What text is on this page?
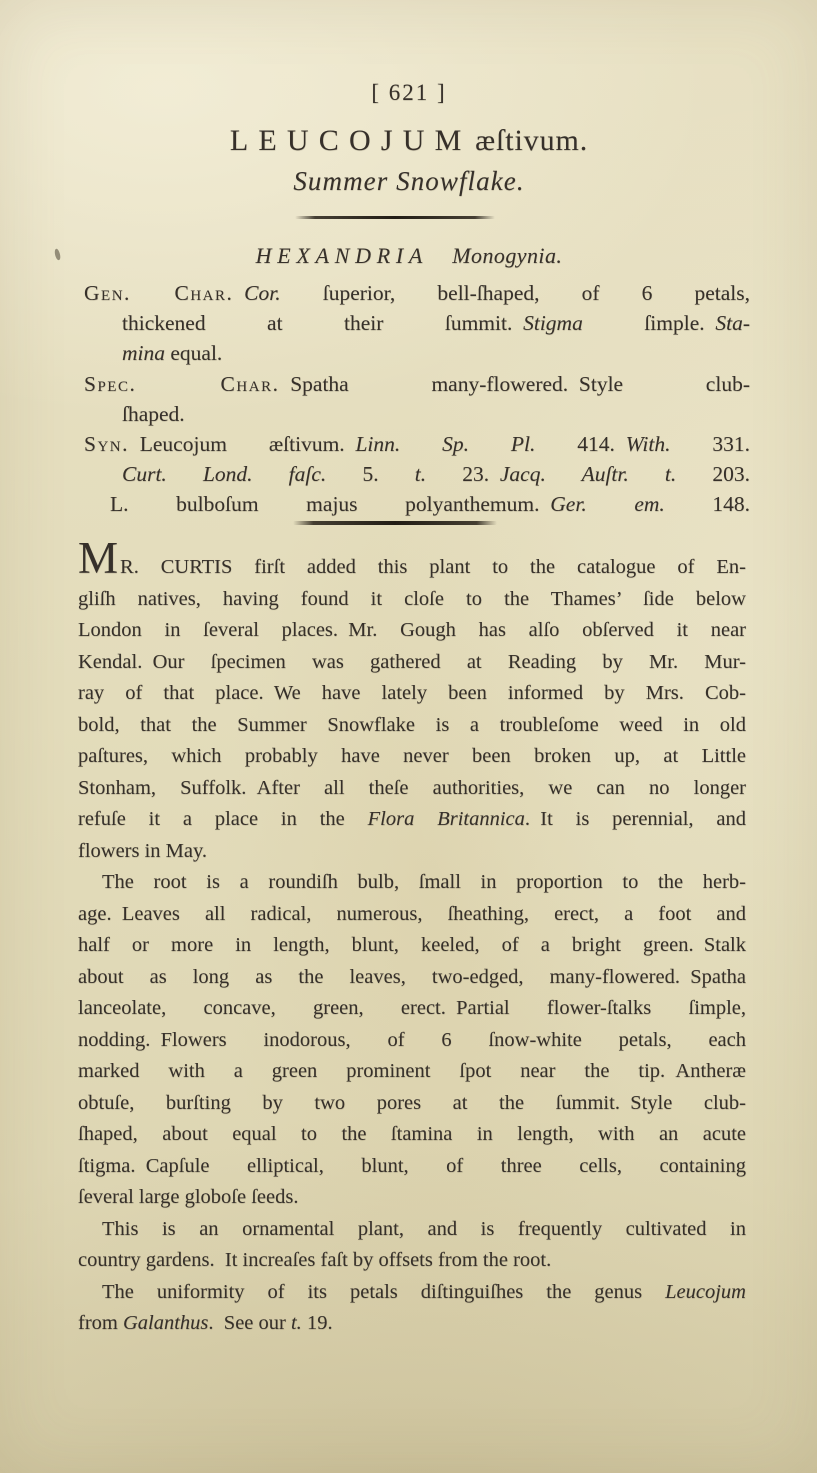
[ 621 ]
LEUCOJUM æſtivum.
Summer Snowflake.
HEXANDRIA Monogynia.
Gen. Char.  Cor. ſuperior, bell-ſhaped, of 6 petals,
thickened at their ſummit. Stigma ſimple. Sta-
mina equal.
Spec. Char. Spatha many-flowered. Style club-
ſhaped.
Syn. Leucojum æſtivum. Linn. Sp. Pl. 414. With. 331.
Curt. Lond. faſc. 5. t. 23. Jacq. Auſtr. t. 203.
L. bulboſum majus polyanthemum. Ger. em. 148.
MR. CURTIS firſt added this plant to the catalogue of En-
gliſh natives, having found it cloſe to the Thames’ ſide below
London in ſeveral places. Mr. Gough has alſo obſerved it near
Kendal. Our ſpecimen was gathered at Reading by Mr. Mur-
ray of that place. We have lately been informed by Mrs. Cob-
bold, that the Summer Snowflake is a troubleſome weed in old
paſtures, which probably have never been broken up, at Little
Stonham, Suffolk. After all theſe authorities, we can no longer
refuſe it a place in the Flora Britannica. It is perennial, and
flowers in May.
The root is a roundiſh bulb, ſmall in proportion to the herb-
age. Leaves all radical, numerous, ſheathing, erect, a foot and
half or more in length, blunt, keeled, of a bright green. Stalk
about as long as the leaves, two-edged, many-flowered. Spatha
lanceolate, concave, green, erect. Partial flower-ſtalks ſimple,
nodding. Flowers inodorous, of 6 ſnow-white petals, each
marked with a green prominent ſpot near the tip. Antheræ
obtuſe, burſting by two pores at the ſummit. Style club-
ſhaped, about equal to the ſtamina in length, with an acute
ſtigma. Capſule elliptical, blunt, of three cells, containing
ſeveral large globoſe ſeeds.
This is an ornamental plant, and is frequently cultivated in
country gardens. It increaſes faſt by offsets from the root.
The uniformity of its petals diſtinguiſhes the genus Leucojum
from Galanthus. See our t. 19.
